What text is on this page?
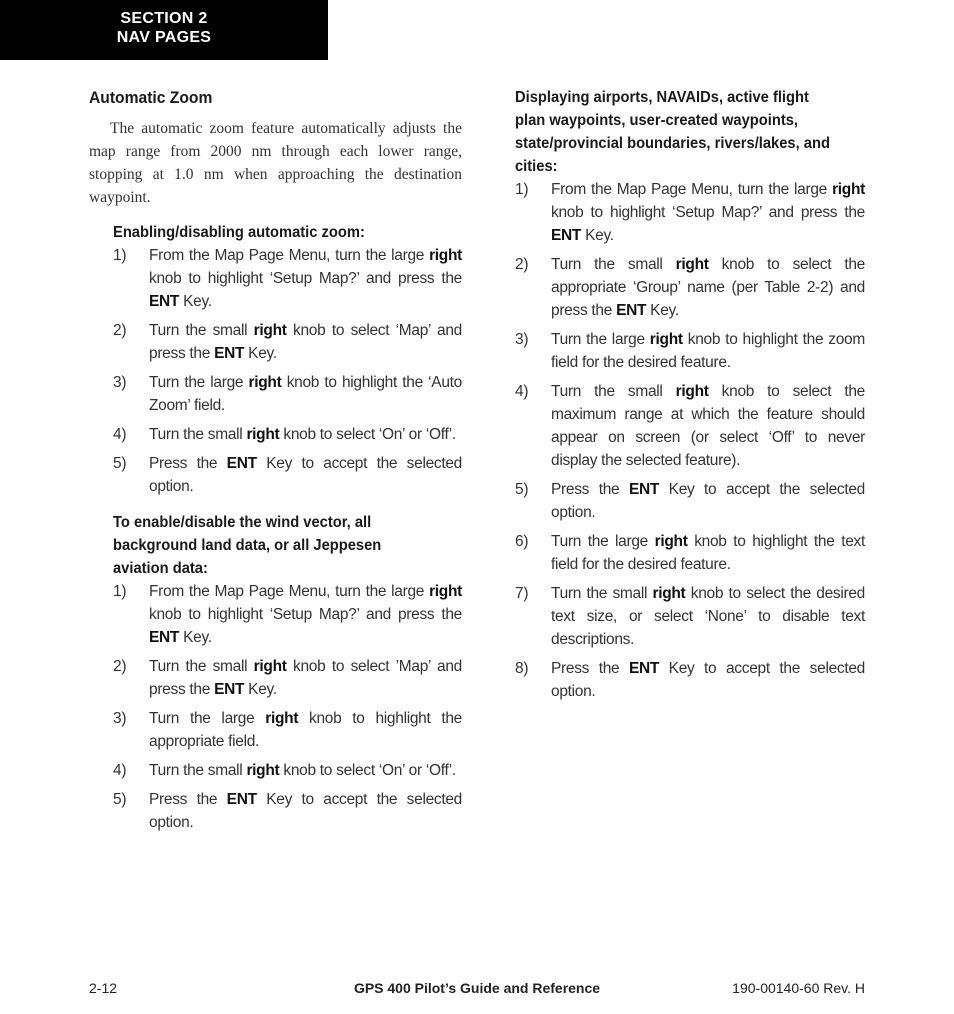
SECTION 2
NAV PAGES
Automatic Zoom

The automatic zoom feature automatically adjusts the map range from 2000 nm through each lower range, stopping at 1.0 nm when approaching the destination waypoint.

Enabling/disabling automatic zoom:
1) From the Map Page Menu, turn the large right knob to highlight ‘Setup Map?’ and press the ENT Key.
2) Turn the small right knob to select ‘Map’ and press the ENT Key.
3) Turn the large right knob to highlight the ‘Auto Zoom’ field.
4) Turn the small right knob to select ‘On’ or ‘Off’.
5) Press the ENT Key to accept the selected option.
To enable/disable the wind vector, all background land data, or all Jeppesen aviation data:
1) From the Map Page Menu, turn the large right knob to highlight ‘Setup Map?’ and press the ENT Key.
2) Turn the small right knob to select ’Map’ and press the ENT Key.
3) Turn the large right knob to highlight the appropriate field.
4) Turn the small right knob to select ‘On’ or ‘Off’.
5) Press the ENT Key to accept the selected option.
Displaying airports, NAVAIDs, active flight plan waypoints, user-created waypoints, state/provincial boundaries, rivers/lakes, and cities:
1) From the Map Page Menu, turn the large right knob to highlight ‘Setup Map?’ and press the ENT Key.
2) Turn the small right knob to select the appropriate ‘Group’ name (per Table 2-2) and press the ENT Key.
3) Turn the large right knob to highlight the zoom field for the desired feature.
4) Turn the small right knob to select the maximum range at which the feature should appear on screen (or select ‘Off’ to never display the selected feature).
5) Press the ENT Key to accept the selected option.
6) Turn the large right knob to highlight the text field for the desired feature.
7) Turn the small right knob to select the desired text size, or select ‘None’ to disable text descriptions.
8) Press the ENT Key to accept the selected option.
2-12	GPS 400 Pilot’s Guide and Reference	190-00140-60 Rev. H
